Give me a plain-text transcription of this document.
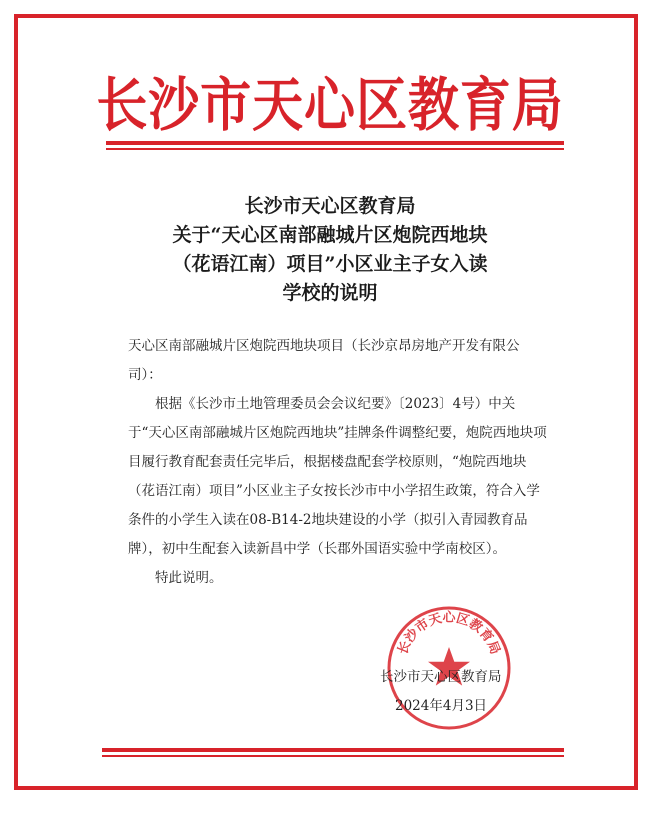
长沙市天心区教育局
长沙市天心区教育局
关于“天心区南部融城片区炮院西地块
（花语江南）项目”小区业主子女入读
学校的说明

天心区南部融城片区炮院西地块项目（长沙京昂房地产开发有限公司）：

根据《长沙市土地管理委员会会议纪要》〔2023〕4号）中关于“天心区南部融城片区炮院西地块”挂牌条件调整纪要，炮院西地块项目履行教育配套责任完毕后，根据楼盘配套学校原则，“炮院西地块（花语江南）项目”小区业主子女按长沙市中小学招生政策，符合入学条件的小学生入读在08-B14-2地块建设的小学（拟引入青园教育品牌），初中生配套入读新昌中学（长郡外国语实验中学南校区）。

特此说明。

长沙市天心区教育局
长沙市天心区教育局
2024年4月3日
